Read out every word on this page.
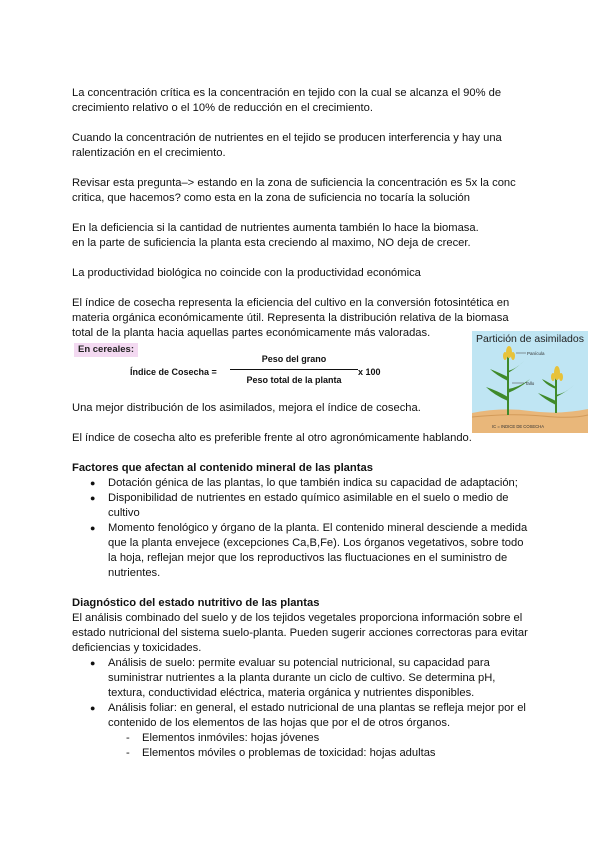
La concentración crítica es la concentración en tejido con la cual se alcanza el 90% de crecimiento relativo o el 10% de reducción en el crecimiento.

Cuando la concentración de nutrientes en el tejido se producen interferencia y hay una ralentización en el crecimiento.

Revisar esta pregunta–> estando en la zona de suficiencia la concentración es 5x la conc critica, que hacemos? como esta en la zona de suficiencia no tocaría la solución

En la deficiencia si la cantidad de nutrientes aumenta también lo hace la biomasa.

en la parte de suficiencia la planta esta creciendo al maximo, NO deja de crecer.

La productividad biológica no coincide con la productividad económica

El índice de cosecha representa la eficiencia del cultivo en la conversión fotosintética en materia orgánica económicamente útil. Representa la distribución relativa de la biomasa total de la planta hacia aquellas partes económicamente más valoradas.

En cereales:
Índice de Cosecha =
Peso del grano
Peso total de la planta
x 100

Una mejor distribución de los asimilados, mejora el índice de cosecha.

El índice de cosecha alto es preferible frente al otro agronómicamente hablando.

Factores que afectan al contenido mineral de las plantas

● Dotación génica de las plantas, lo que también indica su capacidad de adaptación;
● Disponibilidad de nutrientes en estado químico asimilable en el suelo o medio de cultivo
● Momento fenológico y órgano de la planta. El contenido mineral desciende a medida que la planta envejece (excepciones Ca,B,Fe). Los órganos vegetativos, sobre todo la hoja, reflejan mejor que los reproductivos las fluctuaciones en el suministro de nutrientes.

Diagnóstico del estado nutritivo de las plantas

El análisis combinado del suelo y de los tejidos vegetales proporciona información sobre el estado nutricional del sistema suelo-planta. Pueden sugerir acciones correctoras para evitar deficiencias y toxicidades.

● Análisis de suelo: permite evaluar su potencial nutricional, su capacidad para suministrar nutrientes a la planta durante un ciclo de cultivo. Se determina pH, textura, conductividad eléctrica, materia orgánica y nutrientes disponibles.
● Análisis foliar: en general, el estado nutricional de una plantas se refleja mejor por el contenido de los elementos de las hojas que por el de otros órganos.
- Elementos inmóviles: hojas jóvenes
- Elementos móviles o problemas de toxicidad: hojas adultas
Panícula
Tallo
IC = INDICE DE COSECHA
Partición de asimilados
